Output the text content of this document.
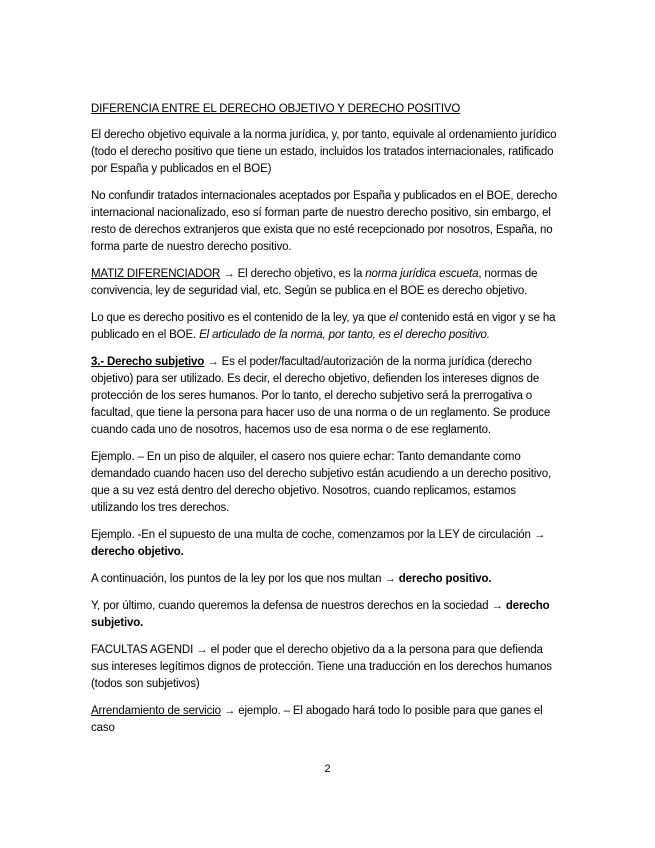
DIFERENCIA ENTRE EL DERECHO OBJETIVO Y DERECHO POSITIVO

El derecho objetivo equivale a la norma jurídica, y, por tanto, equivale al ordenamiento jurídico (todo el derecho positivo que tiene un estado, incluidos los tratados internacionales, ratificado por España y publicados en el BOE)

No confundir tratados internacionales aceptados por España y publicados en el BOE, derecho internacional nacionalizado, eso sí forman parte de nuestro derecho positivo, sin embargo, el resto de derechos extranjeros que exista que no esté recepcionado por nosotros, España, no forma parte de nuestro derecho positivo.

MATIZ DIFERENCIADOR → El derecho objetivo, es la norma jurídica escueta, normas de convivencia, ley de seguridad vial, etc. Según se publica en el BOE es derecho objetivo.

Lo que es derecho positivo es el contenido de la ley, ya que el contenido está en vigor y se ha publicado en el BOE. El articulado de la norma, por tanto, es el derecho positivo.

3.- Derecho subjetivo → Es el poder/facultad/autorización de la norma jurídica (derecho objetivo) para ser utilizado. Es decir, el derecho objetivo, defienden los intereses dignos de protección de los seres humanos. Por lo tanto, el derecho subjetivo será la prerrogativa o facultad, que tiene la persona para hacer uso de una norma o de un reglamento. Se produce cuando cada uno de nosotros, hacemos uso de esa norma o de ese reglamento.

Ejemplo. – En un piso de alquiler, el casero nos quiere echar: Tanto demandante como demandado cuando hacen uso del derecho subjetivo están acudiendo a un derecho positivo, que a su vez está dentro del derecho objetivo. Nosotros, cuando replicamos, estamos utilizando los tres derechos.

Ejemplo. -En el supuesto de una multa de coche, comenzamos por la LEY de circulación → derecho objetivo.

A continuación, los puntos de la ley por los que nos multan → derecho positivo.

Y, por último, cuando queremos la defensa de nuestros derechos en la sociedad → derecho subjetivo.

FACULTAS AGENDI → el poder que el derecho objetivo da a la persona para que defienda sus intereses legítimos dignos de protección. Tiene una traducción en los derechos humanos (todos son subjetivos)

Arrendamiento de servicio → ejemplo. – El abogado hará todo lo posible para que ganes el caso

2
